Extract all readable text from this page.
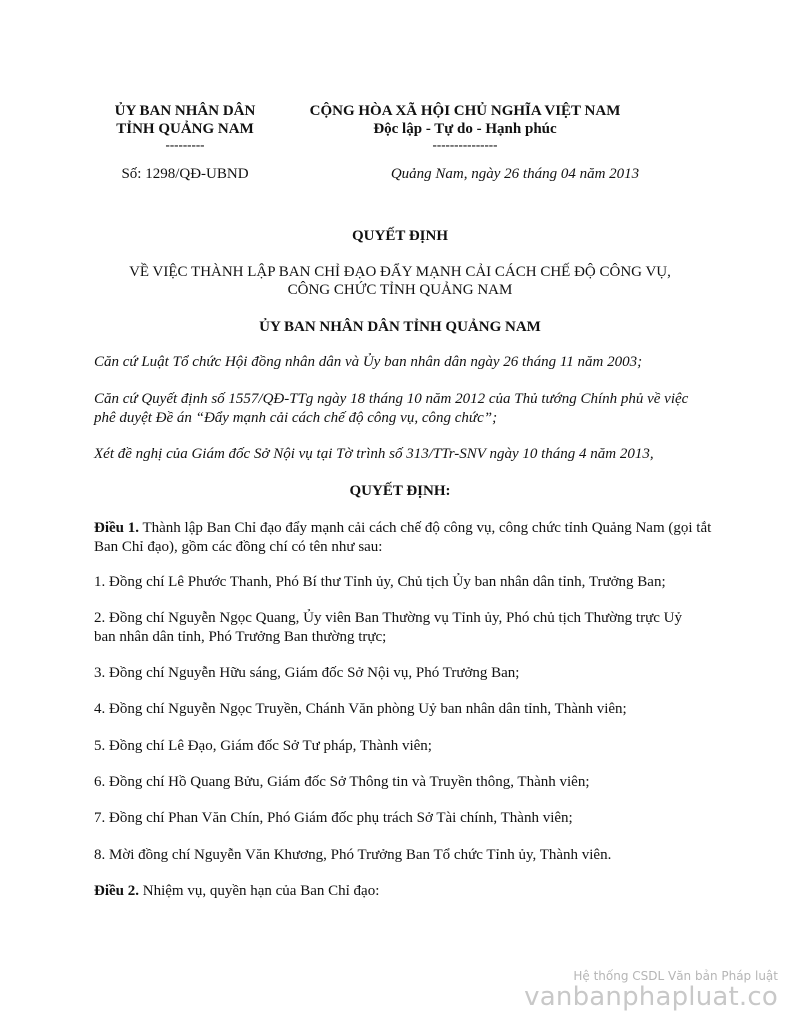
ỦY BAN NHÂN DÂN
TỈNH QUẢNG NAM
---------
Số: 1298/QĐ-UBND
CỘNG HÒA XÃ HỘI CHỦ NGHĨA VIỆT NAM
Độc lập - Tự do - Hạnh phúc
---------------
Quảng Nam, ngày 26 tháng 04 năm 2013
QUYẾT ĐỊNH
VỀ VIỆC THÀNH LẬP BAN CHỈ ĐẠO ĐẨY MẠNH CẢI CÁCH CHẾ ĐỘ CÔNG VỤ,
CÔNG CHỨC TỈNH QUẢNG NAM
ỦY BAN NHÂN DÂN TỈNH QUẢNG NAM
Căn cứ Luật Tổ chức Hội đồng nhân dân và Ủy ban nhân dân ngày 26 tháng 11 năm 2003;
Căn cứ Quyết định số 1557/QĐ-TTg ngày 18 tháng 10 năm 2012 của Thủ tướng Chính phủ về việc phê duyệt Đề án “Đẩy mạnh cải cách chế độ công vụ, công chức”;
Xét đề nghị của Giám đốc Sở Nội vụ tại Tờ trình số 313/TTr-SNV ngày 10 tháng 4 năm 2013,
QUYẾT ĐỊNH:
Điều 1. Thành lập Ban Chỉ đạo đẩy mạnh cải cách chế độ công vụ, công chức tỉnh Quảng Nam (gọi tắt Ban Chỉ đạo), gồm các đồng chí có tên như sau:
1. Đồng chí Lê Phước Thanh, Phó Bí thư Tỉnh ủy, Chủ tịch Ủy ban nhân dân tỉnh, Trưởng Ban;
2. Đồng chí Nguyễn Ngọc Quang, Ủy viên Ban Thường vụ Tỉnh ủy, Phó chủ tịch Thường trực Uỷ ban nhân dân tỉnh, Phó Trưởng Ban thường trực;
3. Đồng chí Nguyễn Hữu sáng, Giám đốc Sở Nội vụ, Phó Trưởng Ban;
4. Đồng chí Nguyễn Ngọc Truyền, Chánh Văn phòng Uỷ ban nhân dân tỉnh, Thành viên;
5. Đồng chí Lê Đạo, Giám đốc Sở Tư pháp, Thành viên;
6. Đồng chí Hồ Quang Bửu, Giám đốc Sở Thông tin và Truyền thông, Thành viên;
7. Đồng chí Phan Văn Chín, Phó Giám đốc phụ trách Sở Tài chính, Thành viên;
8. Mời đồng chí Nguyễn Văn Khương, Phó Trưởng Ban Tổ chức Tỉnh ủy, Thành viên.
Điều 2. Nhiệm vụ, quyền hạn của Ban Chỉ đạo:
Hệ thống CSDL Văn bản Pháp luật
vanbanphapluat.co
